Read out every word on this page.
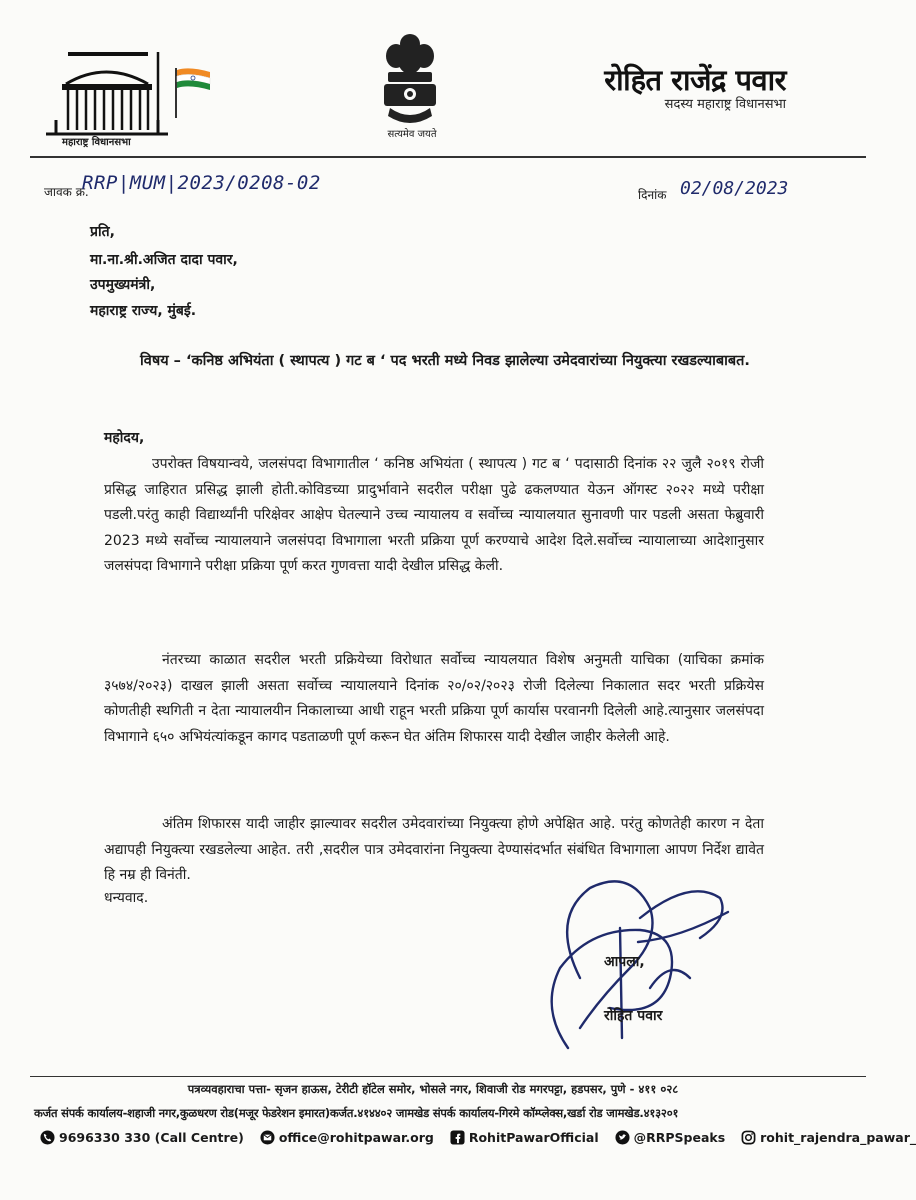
महाराष्ट्र विधानसभा
सत्यमेव जयते
रोहित राजेंद्र पवार
सदस्य महाराष्ट्र विधानसभा
जावक क्र.
RRP|MUM|2023/0208-02
दिनांक 02/08/2023
प्रति,
मा.ना.श्री.अजित दादा पवार,
उपमुख्यमंत्री,
महाराष्ट्र राज्य, मुंबई.
विषय – ‘कनिष्ठ अभियंता ( स्थापत्य ) गट ब ‘ पद भरती मध्ये निवड झालेल्या उमेदवारांच्या नियुक्त्या रखडल्याबाबत.
महोदय,
उपरोक्त विषयान्वये, जलसंपदा विभागातील ‘ कनिष्ठ अभियंता ( स्थापत्य ) गट ब ‘ पदासाठी दिनांक २२ जुलै २०१९ रोजी प्रसिद्ध जाहिरात प्रसिद्ध झाली होती.कोविडच्या प्रादुर्भावाने सदरील परीक्षा पुढे ढकलण्यात येऊन ऑगस्ट २०२२ मध्ये परीक्षा पडली.परंतु काही विद्यार्थ्यांनी परिक्षेवर आक्षेप घेतल्याने उच्च न्यायालय व सर्वोच्च न्यायालयात सुनावणी पार पडली असता फेब्रुवारी 2023 मध्ये सर्वोच्च न्यायालयाने जलसंपदा विभागाला भरती प्रक्रिया पूर्ण करण्याचे आदेश दिले.सर्वोच्च न्यायालाच्या आदेशानुसार जलसंपदा विभागाने परीक्षा प्रक्रिया पूर्ण करत गुणवत्ता यादी देखील प्रसिद्ध केली.
नंतरच्या काळात सदरील भरती प्रक्रियेच्या विरोधात सर्वोच्च न्यायलयात विशेष अनुमती याचिका (याचिका क्रमांक ३५७४/२०२३) दाखल झाली असता सर्वोच्च न्यायालयाने दिनांक २०/०२/२०२३ रोजी दिलेल्या निकालात सदर भरती प्रक्रियेस कोणतीही स्थगिती न देता न्यायालयीन निकालाच्या आधी राहून भरती प्रक्रिया पूर्ण कार्यास परवानगी दिलेली आहे.त्यानुसार जलसंपदा विभागाने ६५० अभियंत्यांकडून कागद पडताळणी पूर्ण करून घेत अंतिम शिफारस यादी देखील जाहीर केलेली आहे.
अंतिम शिफारस यादी जाहीर झाल्यावर सदरील उमेदवारांच्या नियुक्त्या होणे अपेक्षित आहे. परंतु कोणतेही कारण न देता अद्यापही नियुक्त्या रखडलेल्या आहेत. तरी ,सदरील पात्र उमेदवारांना नियुक्त्या देण्यासंदर्भात संबंधित विभागाला आपण निर्देश द्यावेत हि नम्र ही विनंती.
धन्यवाद.
आपला,
रोहित पवार
पत्रव्यवहाराचा पत्ता- सृजन हाऊस, टेरीटी हॉटेल समोर, भोसले नगर, शिवाजी रोड मगरपट्टा, हडपसर, पुणे - ४११ ०२८
कर्जत संपर्क कार्यालय-शहाजी नगर,कुळधरण रोड(मजूर फेडरेशन इमारत)कर्जत.४१४४०२ जामखेड संपर्क कार्यालय-गिरमे कॉम्प्लेक्स,खर्डा रोड जामखेड.४१३२०१
9696330 330 (Call Centre)	office@rohitpawar.org	RohitPawarOfficial	@RRPSpeaks	rohit_rajendra_pawar_
